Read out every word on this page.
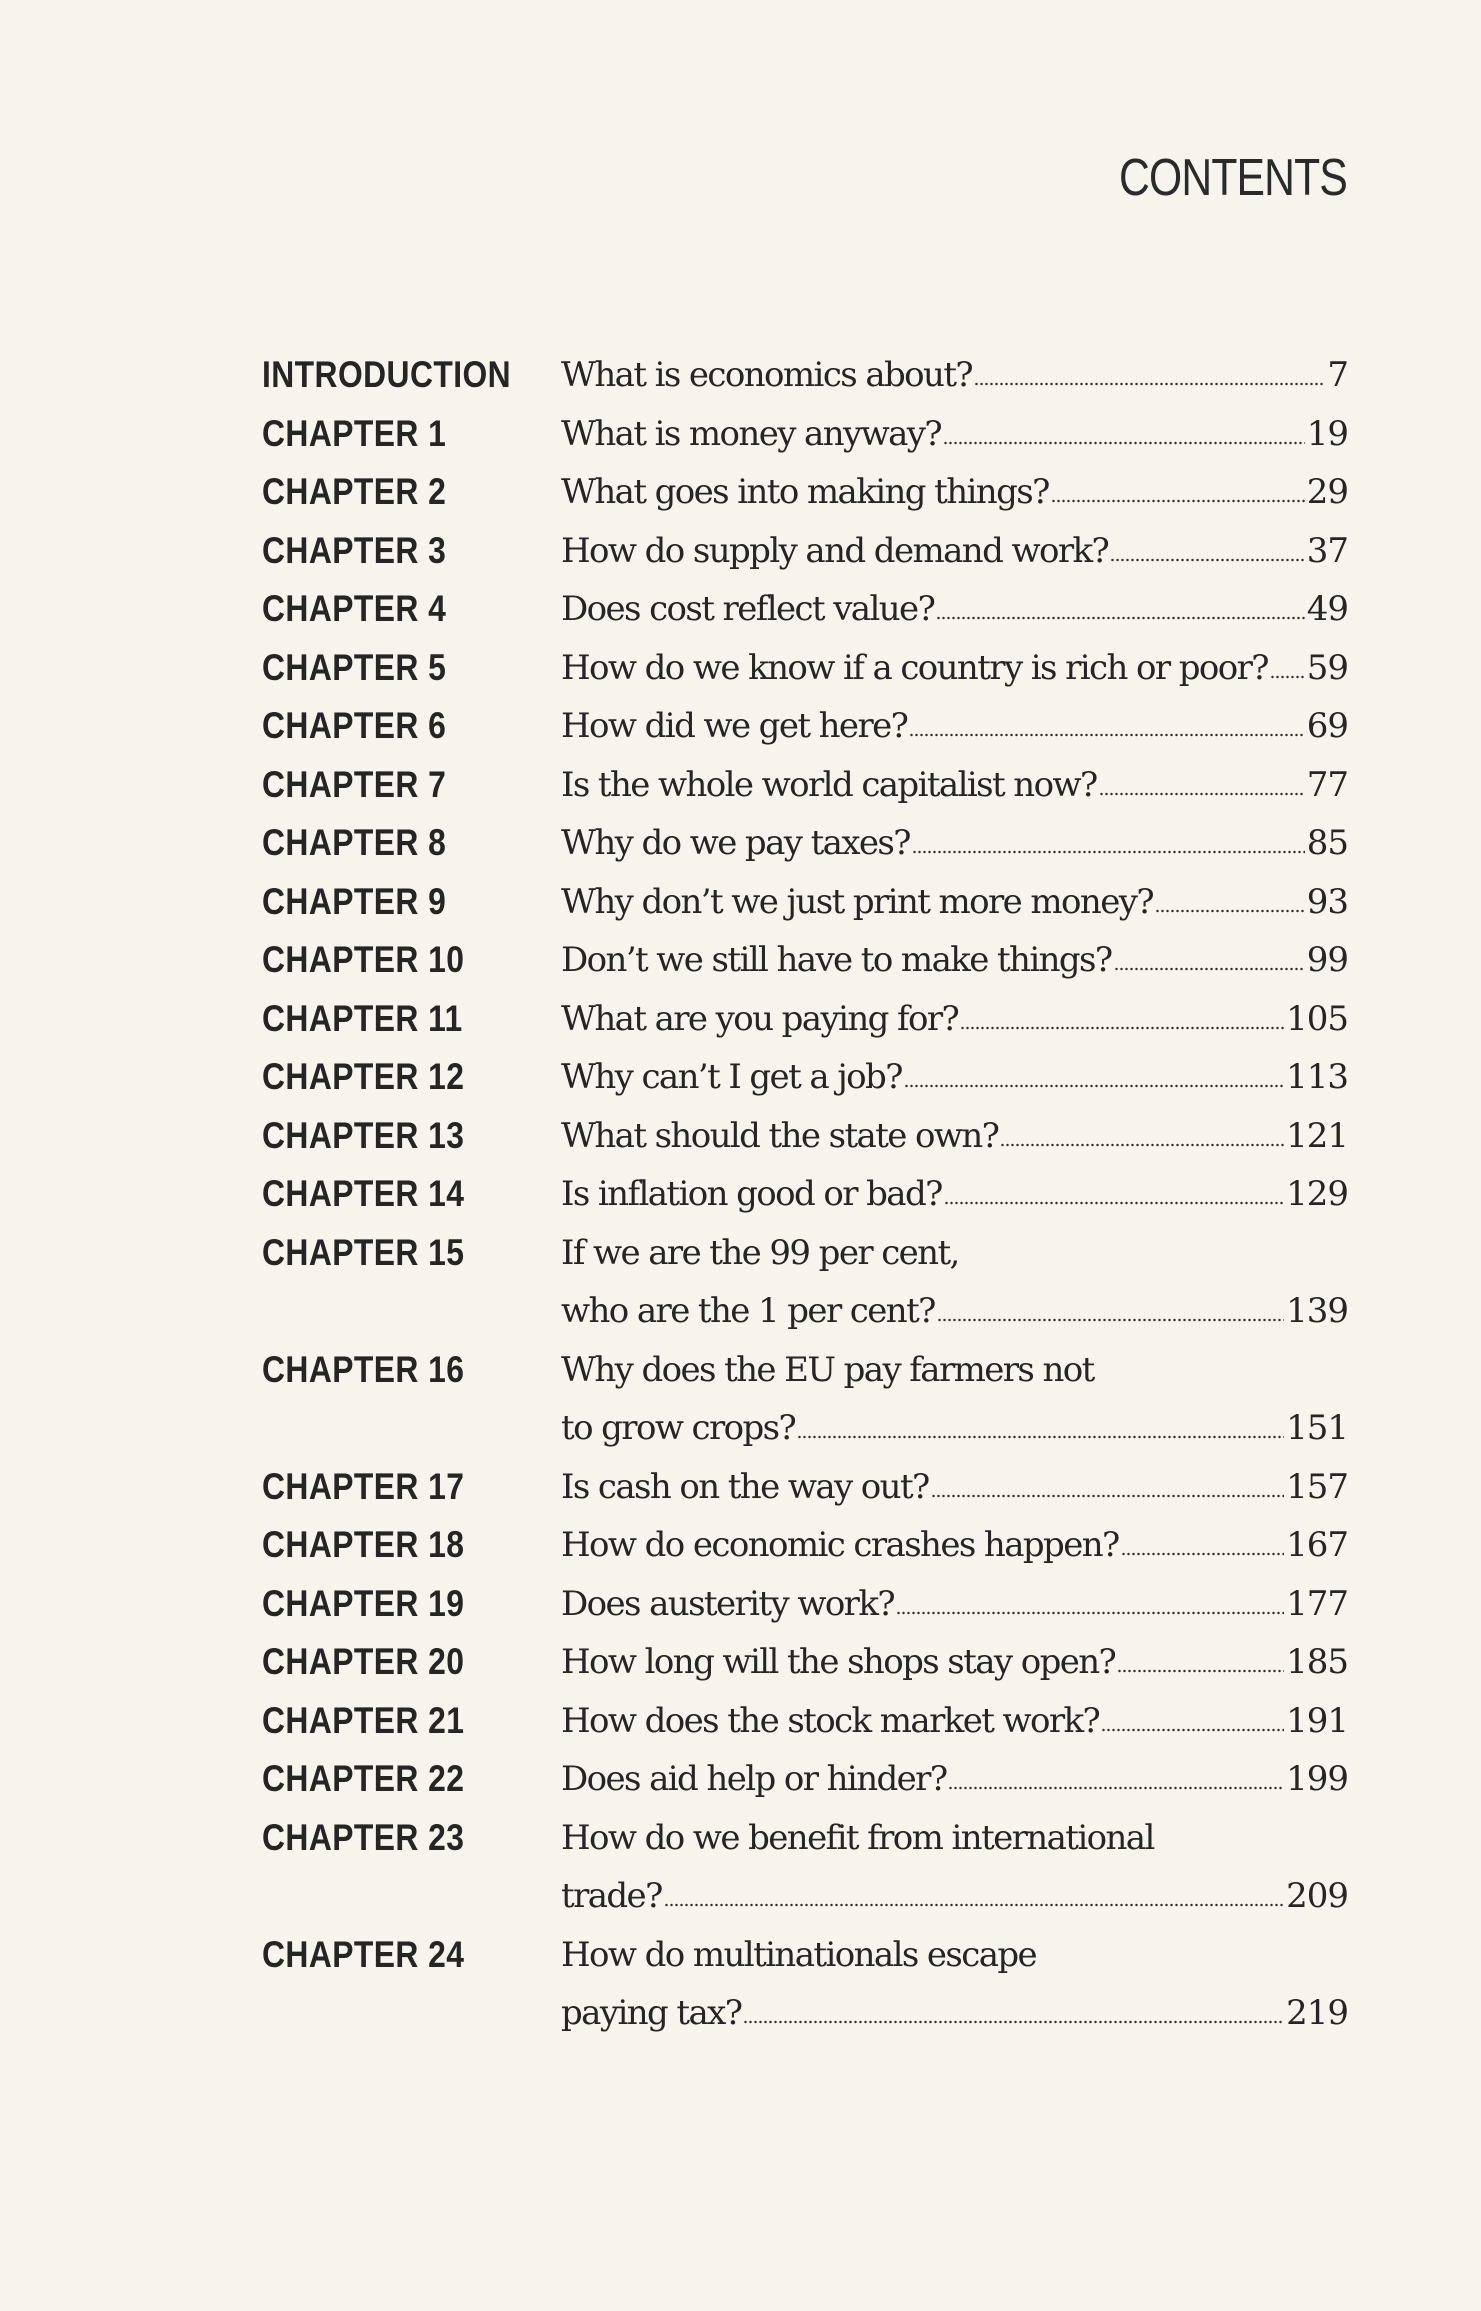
CONTENTS
INTRODUCTION	What is economics about?	7
CHAPTER 1	What is money anyway?	19
CHAPTER 2	What goes into making things?	29
CHAPTER 3	How do supply and demand work?	37
CHAPTER 4	Does cost reflect value?	49
CHAPTER 5	How do we know if a country is rich or poor? 59
CHAPTER 6	How did we get here?	69
CHAPTER 7	Is the whole world capitalist now?	77
CHAPTER 8	Why do we pay taxes?	85
CHAPTER 9	Why don’t we just print more money?	93
CHAPTER 10	Don’t we still have to make things?	99
CHAPTER 11	What are you paying for?	105
CHAPTER 12	Why can’t I get a job?	113
CHAPTER 13	What should the state own?	121
CHAPTER 14	Is inflation good or bad?	129
CHAPTER 15	If we are the 99 per cent,
who are the 1 per cent?	139
CHAPTER 16	Why does the EU pay farmers not
to grow crops?	151
CHAPTER 17	Is cash on the way out?	157
CHAPTER 18	How do economic crashes happen?	167
CHAPTER 19	Does austerity work?	177
CHAPTER 20	How long will the shops stay open?	185
CHAPTER 21	How does the stock market work?	191
CHAPTER 22	Does aid help or hinder?	199
CHAPTER 23	How do we benefit from international
trade?	209
CHAPTER 24	How do multinationals escape
paying tax?	219
